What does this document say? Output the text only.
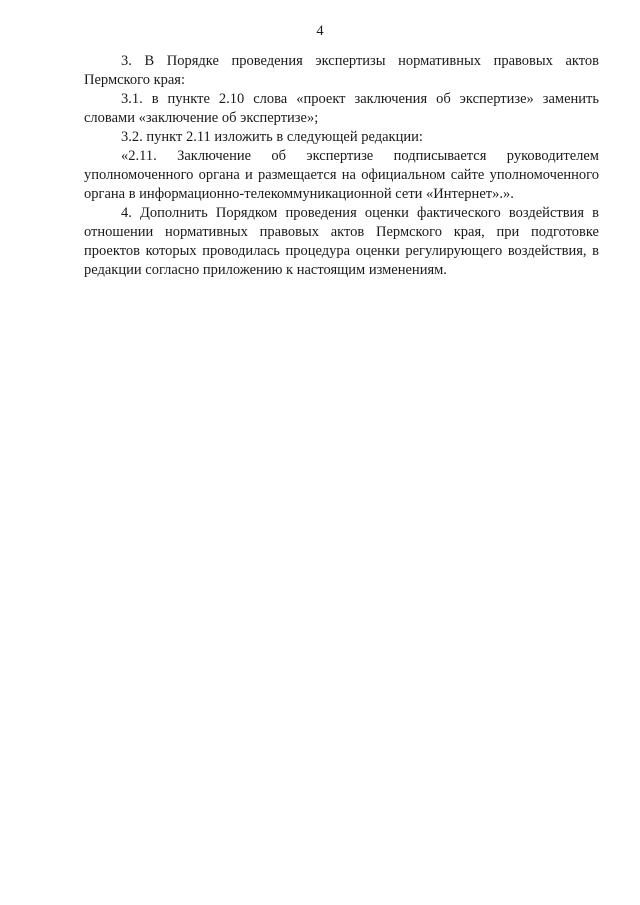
4

3. В Порядке проведения экспертизы нормативных правовых актов Пермского края:

3.1. в пункте 2.10 слова «проект заключения об экспертизе» заменить словами «заключение об экспертизе»;

3.2. пункт 2.11 изложить в следующей редакции:

«2.11. Заключение об экспертизе подписывается руководителем уполномоченного органа и размещается на официальном сайте уполномоченного органа в информационно-телекоммуникационной сети «Интернет».».

4. Дополнить Порядком проведения оценки фактического воздействия в отношении нормативных правовых актов Пермского края, при подготовке проектов которых проводилась процедура оценки регулирующего воздействия, в редакции согласно приложению к настоящим изменениям.
